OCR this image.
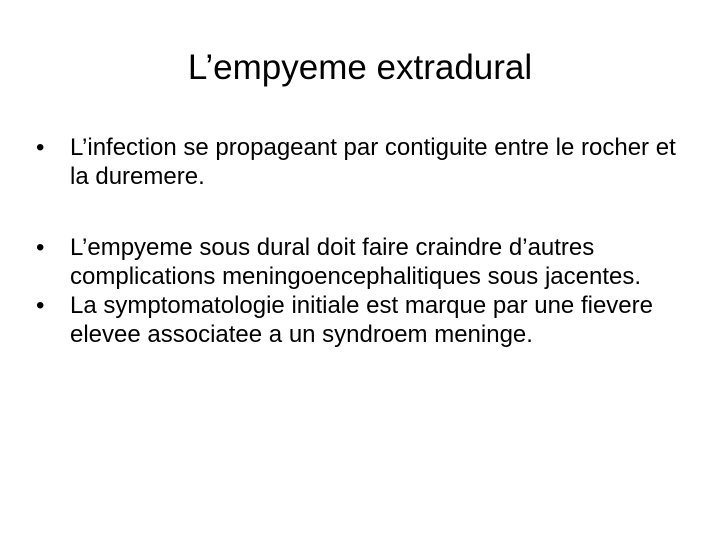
L’empyeme extradural
•	L’infection se propageant par contiguite entre le rocher et la duremere.
•	L’empyeme sous dural doit faire craindre d’autres complications meningoencephalitiques sous jacentes.
•	La symptomatologie initiale est marque par une fievere elevee associatee a un syndroem meninge.
